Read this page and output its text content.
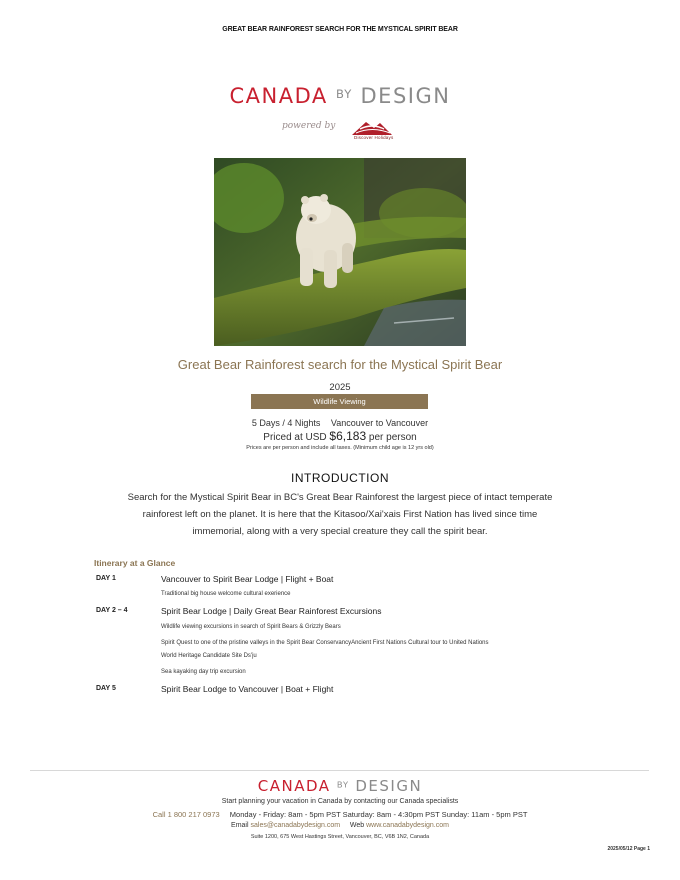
GREAT BEAR RAINFOREST SEARCH FOR THE MYSTICAL SPIRIT BEAR
CANADA $^{BY}$ DESIGN
powered by
Discover Holidays
Great Bear Rainforest search for the Mystical Spirit Bear
2025
Wildlife Viewing
5 Days / 4 Nights Vancouver to Vancouver
Priced at USD $6,183 per person
Prices are per person and include all taxes. (Minimum child age is 12 yrs old)
INTRODUCTION
Search for the Mystical Spirit Bear in BC's Great Bear Rainforest the largest piece of intact temperate
rainforest left on the planet. It is here that the Kitasoo/Xai'xais First Nation has lived since time
immemorial, along with a very special creature they call the spirit bear.
Itinerary at a Glance
DAY 1	Vancouver to Spirit Bear Lodge | Flight + Boat
Traditional big house welcome cultural exerience
DAY 2 – 4	Spirit Bear Lodge | Daily Great Bear Rainforest Excursions
Wildlife viewing excursions in search of Spirit Bears & Grizzly Bears
Spirit Quest to one of the pristine valleys in the Spirit Bear ConservancyAncient First Nations Cultural tour to United Nations
World Heritage Candidate Site Ds'ju
Sea kayaking day trip excursion
DAY 5	Spirit Bear Lodge to Vancouver | Boat + Flight
CANADA $^{BY}$ DESIGN
Start planning your vacation in Canada by contacting our Canada specialists
Call 1 800 217 0973 Monday - Friday: 8am - 5pm PST Saturday: 8am - 4:30pm PST Sunday: 11am - 5pm PST
Email sales@canadabydesign.com Web www.canadabydesign.com
Suite 1200, 675 West Hastings Street, Vancouver, BC, V6B 1N2, Canada
2025/05/12 Page 1
